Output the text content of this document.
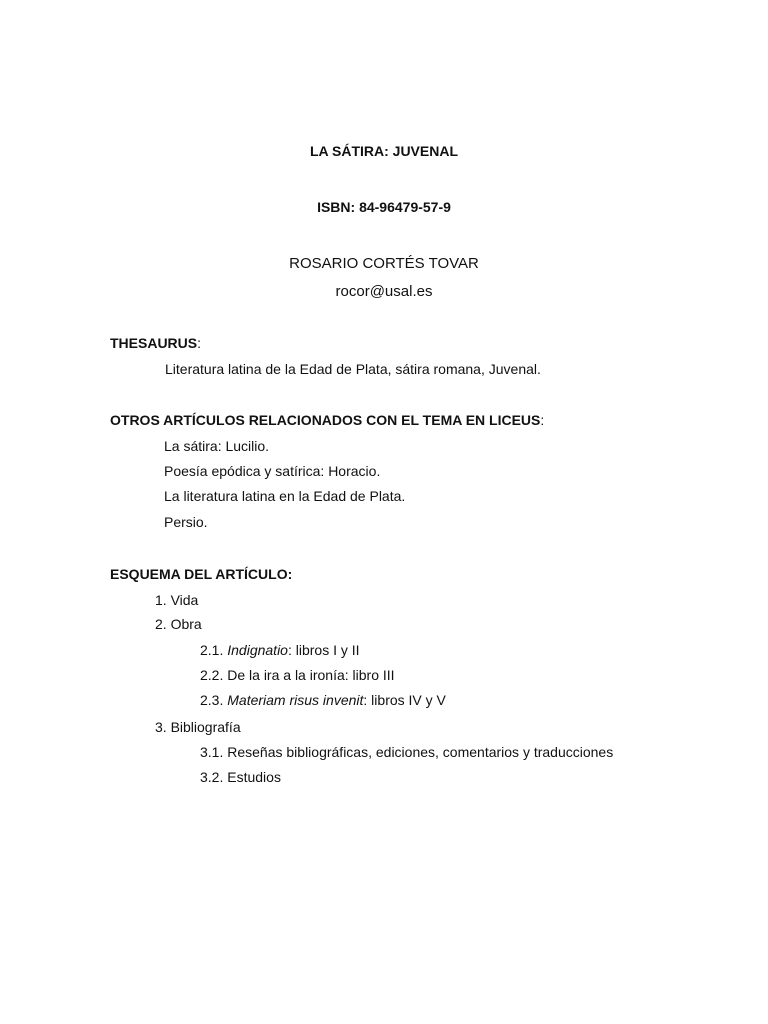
LA SÁTIRA: JUVENAL
ISBN: 84-96479-57-9
ROSARIO CORTÉS TOVAR
rocor@usal.es
THESAURUS:
Literatura latina de la Edad de Plata, sátira romana, Juvenal.
OTROS ARTÍCULOS RELACIONADOS CON EL TEMA EN LICEUS:
La sátira: Lucilio.
Poesía epódica y satírica: Horacio.
La literatura latina en la Edad de Plata.
Persio.
ESQUEMA DEL ARTÍCULO:
1. Vida
2. Obra
2.1. Indignatio: libros I y II
2.2. De la ira a la ironía: libro III
2.3. Materiam risus invenit: libros IV y V
3. Bibliografía
3.1. Reseñas bibliográficas, ediciones, comentarios y traducciones
3.2. Estudios
